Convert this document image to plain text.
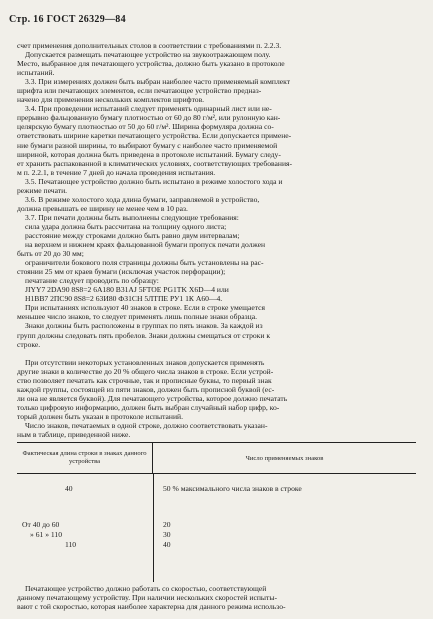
Стр. 16 ГОСТ 26329—84
счет применения дополнительных столов в соответствии с требованиями п. 2.2.3.
Допускается размещать печатающее устройство на звукоотражающем полу.
Место, выбранное для печатающего устройства, должно быть указано в протоколе
испытаний.
3.3. При измерениях должен быть выбран наиболее часто применяемый комплект
шрифта или печатающих элементов, если печатающее устройство предназ-
начено для применения нескольких комплектов шрифтов.
3.4. При проведении испытаний следует применять одинарный лист или не-
прерывно фальцованную бумагу плотностью от 60 до 80 г/м², или рулонную кан-
целярскую бумагу плотностью от 50 до 60 г/м². Ширина формуляра должна со-
ответствовать ширине каретки печатающего устройства. Если допускается примене-
ние бумаги разной ширины, то выбирают бумагу с наиболее часто применяемой
шириной, которая должна быть приведена в протоколе испытаний. Бумагу следу-
ет хранить распакованной в климатических условиях, соответствующих требования-
м п. 2.2.1, в течение 7 дней до начала проведения испытания.
3.5. Печатающее устройство должно быть испытано в режиме холостого хода и
режиме печати.
3.6. В режиме холостого хода длина бумаги, заправляемой в устройство,
должна превышать ее ширину не менее чем в 10 раз.
3.7. При печати должны быть выполнены следующие требования:
сила удара должна быть рассчитана на толщину одного листа;
расстояние между строками должно быть равно двум интервалам;
на верхнем и нижнем краях фальцованной бумаги пропуск печати должен
быть от 20 до 30 мм;
ограничители бокового поля страницы должны быть установлены на рас-
стоянии 25 мм от краев бумаги (исключая участок перфорации);
печатание следует проводить по образцу:
JIYY7 2DA90 8S8=2 6A180 B31AJ 5FTOE PG1TK X6D—4 или
H1BB7 2ПС90 8S8=2 63И80 ФЗ1СН 5ЛТПЕ РУ1 1К А60—4.
При испытаниях используют 40 знаков в строке. Если в строке умещается
меньшее число знаков, то следует применять лишь полные знаки образца.
Знаки должны быть расположены в группах по пять знаков. За каждой из
групп должны следовать пять пробелов. Знаки должны смещаться от строки к
строке.
При отсутствии некоторых установленных знаков допускается применять
другие знаки в количестве до 20 % общего числа знаков в строке. Если устрой-
ство позволяет печатать как строчные, так и прописные буквы, то первый знак
каждой группы, состоящей из пяти знаков, должен быть прописной буквой (ес-
ли она не является буквой). Для печатающего устройства, которое должно печатать
только цифровую информацию, должен быть выбран случайный набор цифр, ко-
торый должен быть указан в протоколе испытаний.
Число знаков, печатаемых в одной строке, должно соответствовать указан-
ным в таблице, приведенной ниже.
Фактическая длина строки в знаках данного устройства	Число применяемых знаков
40	50 % максимального числа знаков в строке
От 40 до 60	20
» 61 » 110	30
110	40
Печатающее устройство должно работать со скоростью, соответствующей
данному печатающему устройству. При наличии нескольких скоростей испыты-
вают с той скоростью, которая наиболее характерна для данного режима использо-
